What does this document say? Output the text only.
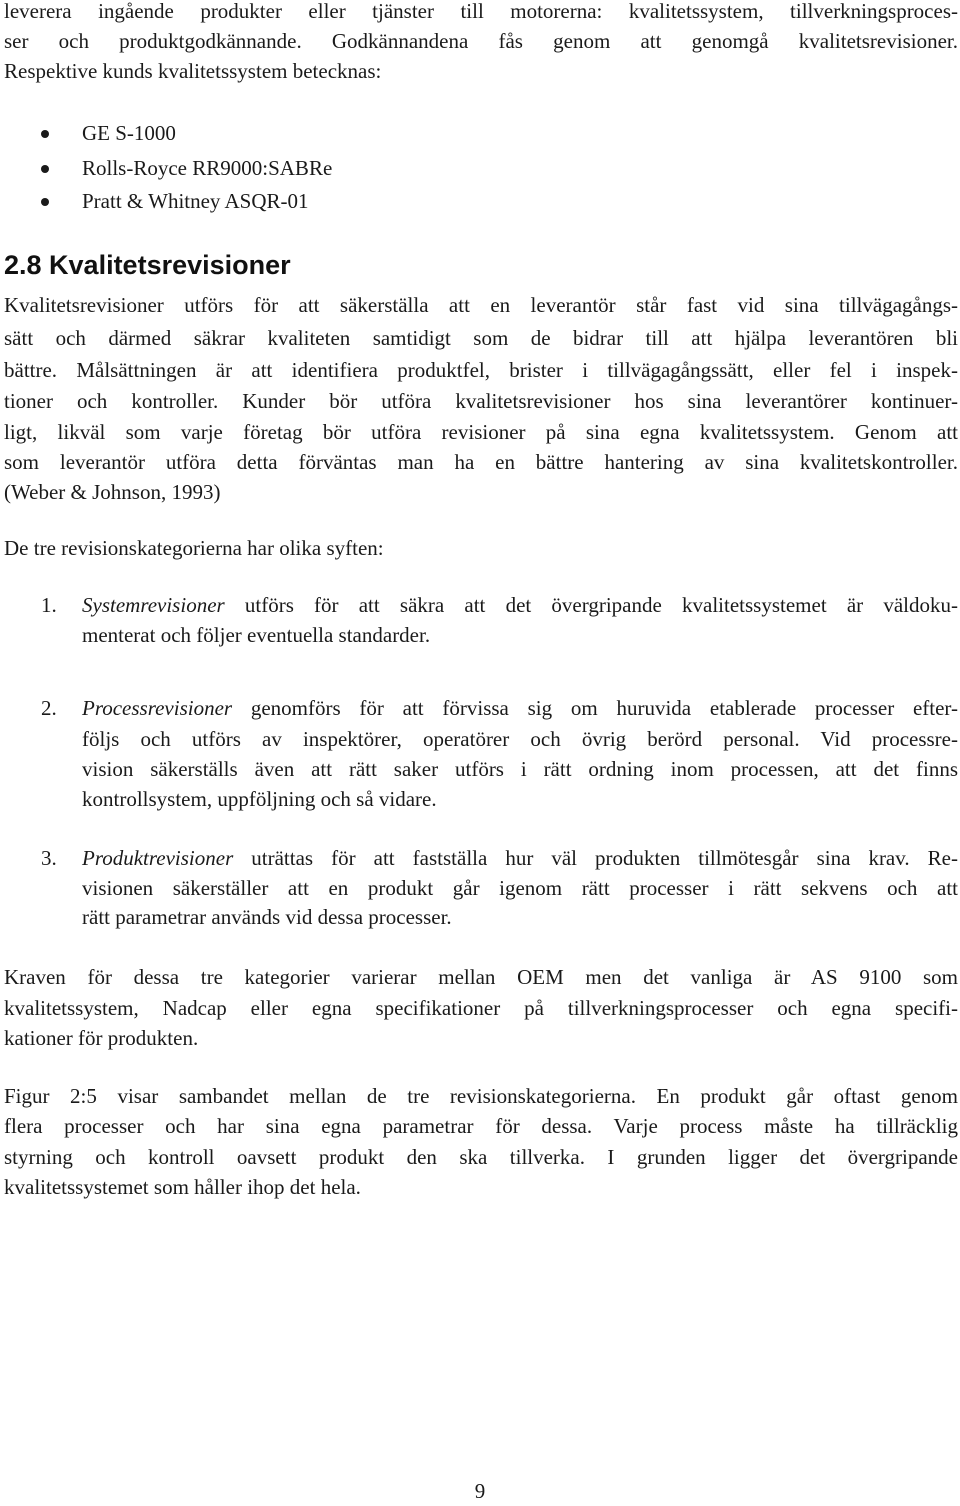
leverera ingående produkter eller tjänster till motorerna: kvalitetssystem, tillverkningsproces-
ser och produktgodkännande. Godkännandena fås genom att genomgå kvalitetsrevisioner.
Respektive kunds kvalitetssystem betecknas:
GE S-1000
Rolls-Royce RR9000:SABRe
Pratt & Whitney ASQR-01
2.8 Kvalitetsrevisioner
Kvalitetsrevisioner utförs för att säkerställa att en leverantör står fast vid sina tillvägagångs-
sätt och därmed säkrar kvaliteten samtidigt som de bidrar till att hjälpa leverantören bli
bättre. Målsättningen är att identifiera produktfel, brister i tillvägagångssätt, eller fel i inspek-
tioner och kontroller. Kunder bör utföra kvalitetsrevisioner hos sina leverantörer kontinuer-
ligt, likväl som varje företag bör utföra revisioner på sina egna kvalitetssystem. Genom att
som leverantör utföra detta förväntas man ha en bättre hantering av sina kvalitetskontroller.
(Weber & Johnson, 1993)
De tre revisionskategorierna har olika syften:
1. Systemrevisioner utförs för att säkra att det övergripande kvalitetssystemet är väldoku-
menterat och följer eventuella standarder.
2. Processrevisioner genomförs för att förvissa sig om huruvida etablerade processer efter-
följs och utförs av inspektörer, operatörer och övrig berörd personal. Vid processre-
vision säkerställs även att rätt saker utförs i rätt ordning inom processen, att det finns
kontrollsystem, uppföljning och så vidare.
3. Produktrevisioner uträttas för att fastställa hur väl produkten tillmötesgår sina krav. Re-
visionen säkerställer att en produkt går igenom rätt processer i rätt sekvens och att
rätt parametrar används vid dessa processer.
Kraven för dessa tre kategorier varierar mellan OEM men det vanliga är AS 9100 som
kvalitetssystem, Nadcap eller egna specifikationer på tillverkningsprocesser och egna specifi-
kationer för produkten.
Figur 2:5 visar sambandet mellan de tre revisionskategorierna. En produkt går oftast genom
flera processer och har sina egna parametrar för dessa. Varje process måste ha tillräcklig
styrning och kontroll oavsett produkt den ska tillverka. I grunden ligger det övergripande
kvalitetssystemet som håller ihop det hela.
9
